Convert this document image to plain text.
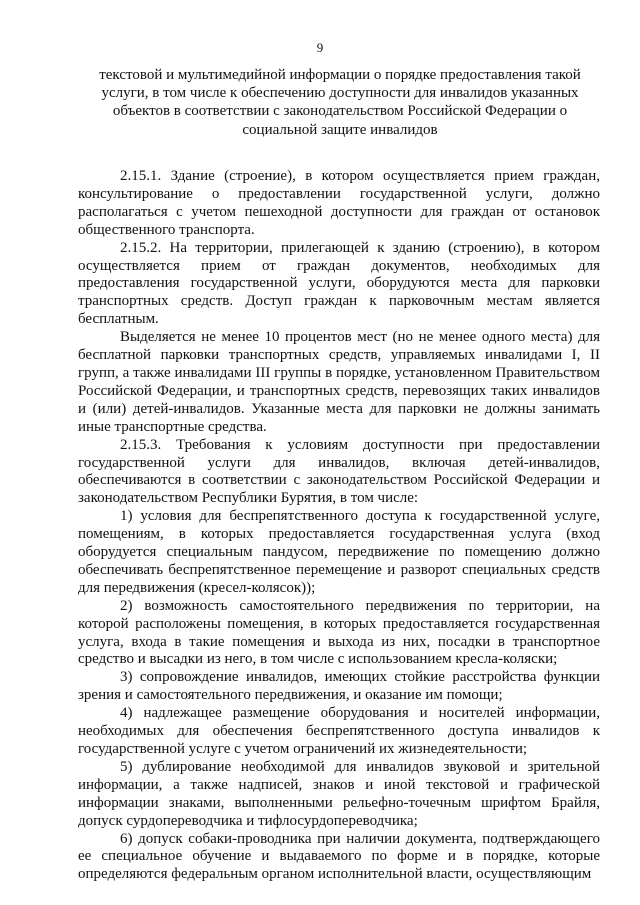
9
текстовой и мультимедийной информации о порядке предоставления такой услуги, в том числе к обеспечению доступности для инвалидов указанных объектов в соответствии с законодательством Российской Федерации о социальной защите инвалидов

2.15.1. Здание (строение), в котором осуществляется прием граждан, консультирование о предоставлении государственной услуги, должно располагаться с учетом пешеходной доступности для граждан от остановок общественного транспорта.

2.15.2. На территории, прилегающей к зданию (строению), в котором осуществляется прием от граждан документов, необходимых для предоставления государственной услуги, оборудуются места для парковки транспортных средств. Доступ граждан к парковочным местам является бесплатным.

Выделяется не менее 10 процентов мест (но не менее одного места) для бесплатной парковки транспортных средств, управляемых инвалидами I, II групп, а также инвалидами III группы в порядке, установленном Правительством Российской Федерации, и транспортных средств, перевозящих таких инвалидов и (или) детей-инвалидов. Указанные места для парковки не должны занимать иные транспортные средства.

2.15.3. Требования к условиям доступности при предоставлении государственной услуги для инвалидов, включая детей-инвалидов, обеспечиваются в соответствии с законодательством Российской Федерации и законодательством Республики Бурятия, в том числе:

1) условия для беспрепятственного доступа к государственной услуге, помещениям, в которых предоставляется государственная услуга (вход оборудуется специальным пандусом, передвижение по помещению должно обеспечивать беспрепятственное перемещение и разворот специальных средств для передвижения (кресел-колясок));

2) возможность самостоятельного передвижения по территории, на которой расположены помещения, в которых предоставляется государственная услуга, входа в такие помещения и выхода из них, посадки в транспортное средство и высадки из него, в том числе с использованием кресла-коляски;

3) сопровождение инвалидов, имеющих стойкие расстройства функции зрения и самостоятельного передвижения, и оказание им помощи;

4) надлежащее размещение оборудования и носителей информации, необходимых для обеспечения беспрепятственного доступа инвалидов к государственной услуге с учетом ограничений их жизнедеятельности;

5) дублирование необходимой для инвалидов звуковой и зрительной информации, а также надписей, знаков и иной текстовой и графической информации знаками, выполненными рельефно-точечным шрифтом Брайля, допуск сурдопереводчика и тифлосурдопереводчика;

6) допуск собаки-проводника при наличии документа, подтверждающего ее специальное обучение и выдаваемого по форме и в порядке, которые определяются федеральным органом исполнительной власти, осуществляющим
